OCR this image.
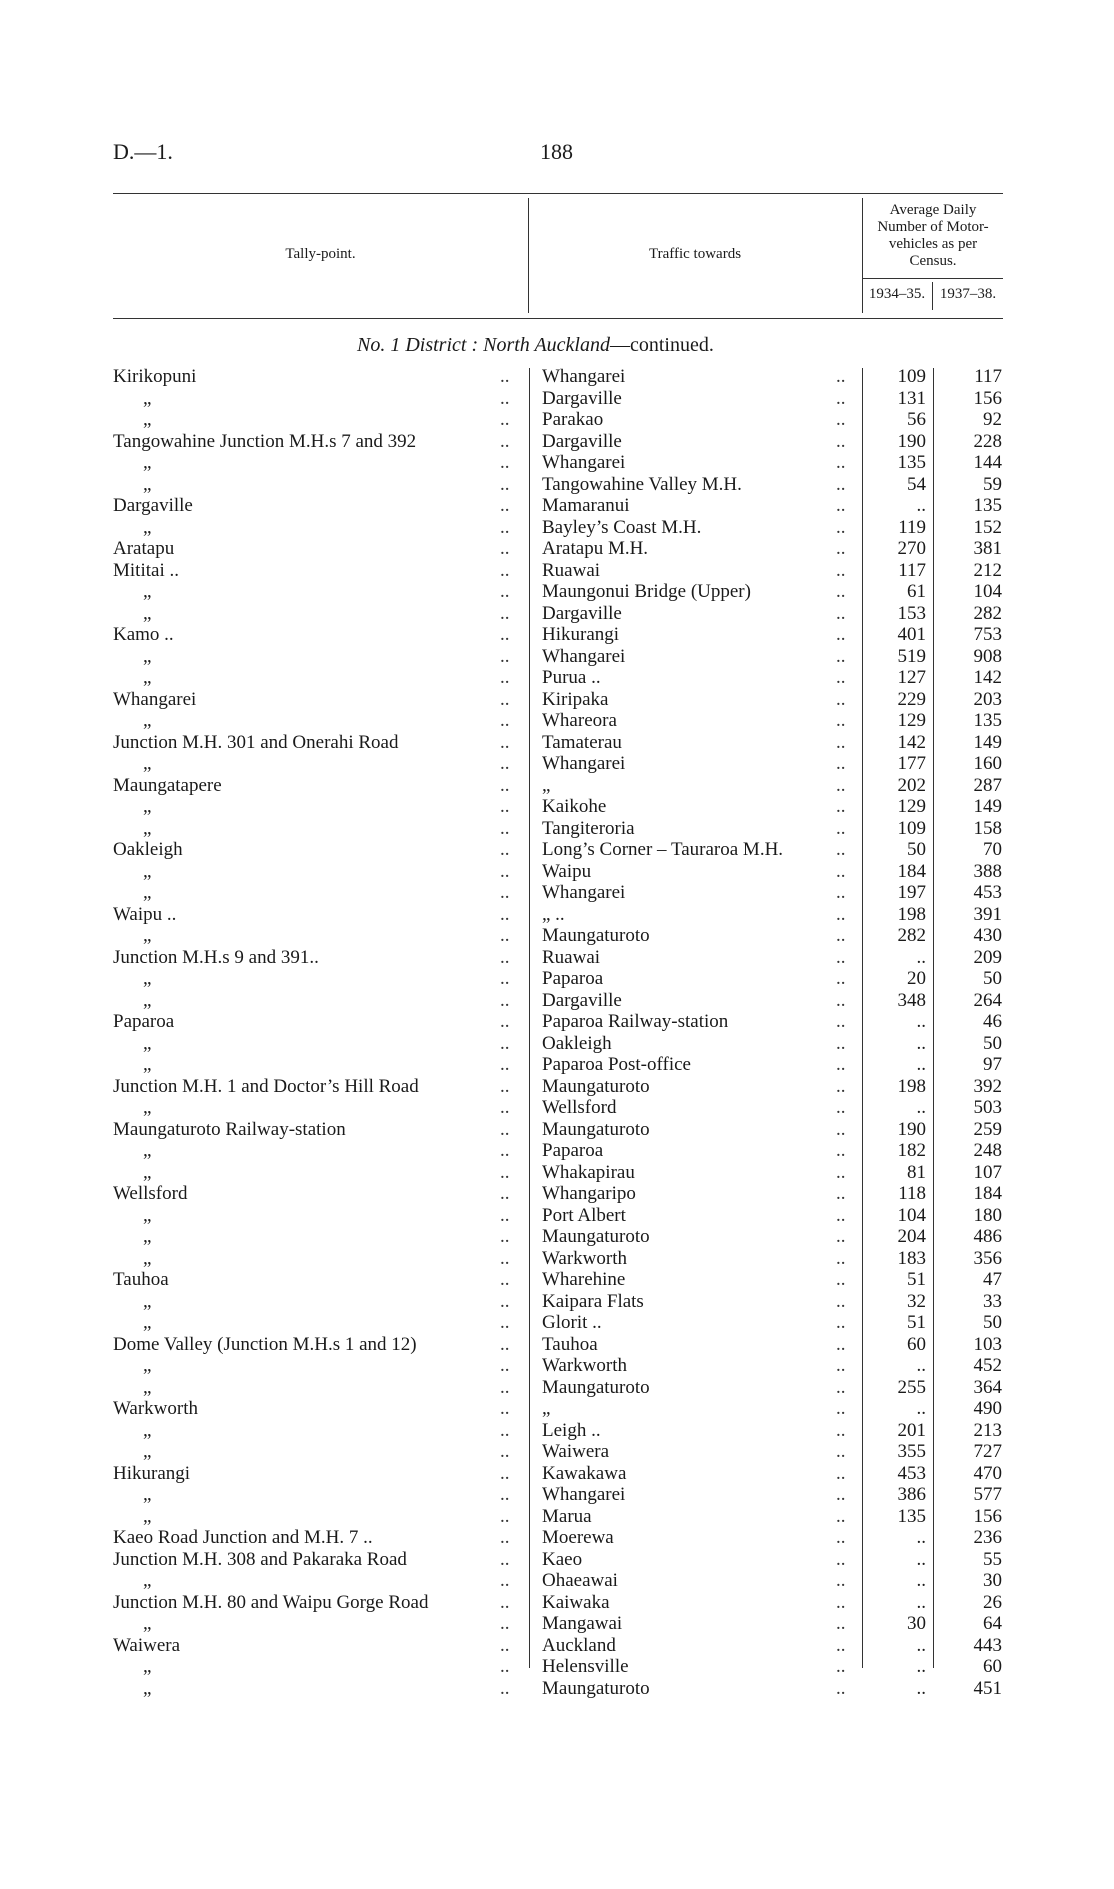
D.—1.	188
Tally-point.	Traffic towards
Average Daily Number of Motor-vehicles as per Census.
1934–35. 1937–38.
No. 1 District : North Auckland—continued.
Kirikopuni	.. Whangarei	..	109	117
„	.. Dargaville	..	131	156
„	.. Parakao	..	56	92
Tangowahine Junction M.H.s 7 and 392	.. Dargaville	..	190	228
„	.. Whangarei	..	135	144
„	.. Tangowahine Valley M.H.	..	54	59
Dargaville	.. Mamaranui	..	..	135
„	.. Bayley’s Coast M.H.	..	119	152
Aratapu	.. Aratapu M.H.	..	270	381
Mititai ..	.. Ruawai	..	117	212
„	.. Maungonui Bridge (Upper)	..	61	104
„	.. Dargaville	..	153	282
Kamo ..	.. Hikurangi	..	401	753
„	.. Whangarei	..	519	908
„	.. Purua ..	..	127	142
Whangarei	.. Kiripaka	..	229	203
„	.. Whareora	..	129	135
Junction M.H. 301 and Onerahi Road	.. Tamaterau	..	142	149
„	.. Whangarei	..	177	160
Maungatapere	.. „	..	202	287
„	.. Kaikohe	..	129	149
„	.. Tangiteroria	..	109	158
Oakleigh	.. Long’s Corner – Tauraroa M.H.	..	50	70
„	.. Waipu	..	184	388
„	.. Whangarei	..	197	453
Waipu ..	.. „ ..	..	198	391
„	.. Maungaturoto	..	282	430
Junction M.H.s 9 and 391..	.. Ruawai	..	..	209
„	.. Paparoa	..	20	50
„	.. Dargaville	..	348	264
Paparoa	.. Paparoa Railway-station	..	..	46
„	.. Oakleigh	..	..	50
„	.. Paparoa Post-office	..	..	97
Junction M.H. 1 and Doctor’s Hill Road	.. Maungaturoto	..	198	392
„	.. Wellsford	..	..	503
Maungaturoto Railway-station	.. Maungaturoto	..	190	259
„	.. Paparoa	..	182	248
„	.. Whakapirau	..	81	107
Wellsford	.. Whangaripo	..	118	184
„	.. Port Albert	..	104	180
„	.. Maungaturoto	..	204	486
„	.. Warkworth	..	183	356
Tauhoa	.. Wharehine	..	51	47
„	.. Kaipara Flats	..	32	33
„	.. Glorit ..	..	51	50
Dome Valley (Junction M.H.s 1 and 12)	.. Tauhoa	..	60	103
„	.. Warkworth	..	..	452
„	.. Maungaturoto	..	255	364
Warkworth	.. „	..	..	490
„	.. Leigh ..	..	201	213
„	.. Waiwera	..	355	727
Hikurangi	.. Kawakawa	..	453	470
„	.. Whangarei	..	386	577
„	.. Marua	..	135	156
Kaeo Road Junction and M.H. 7 ..	.. Moerewa	..	..	236
Junction M.H. 308 and Pakaraka Road	.. Kaeo	..	..	55
„	.. Ohaeawai	..	..	30
Junction M.H. 80 and Waipu Gorge Road	.. Kaiwaka	..	..	26
„	.. Mangawai	..	30	64
Waiwera	.. Auckland	..	..	443
„	.. Helensville	..	..	60
„	.. Maungaturoto	..	..	451
